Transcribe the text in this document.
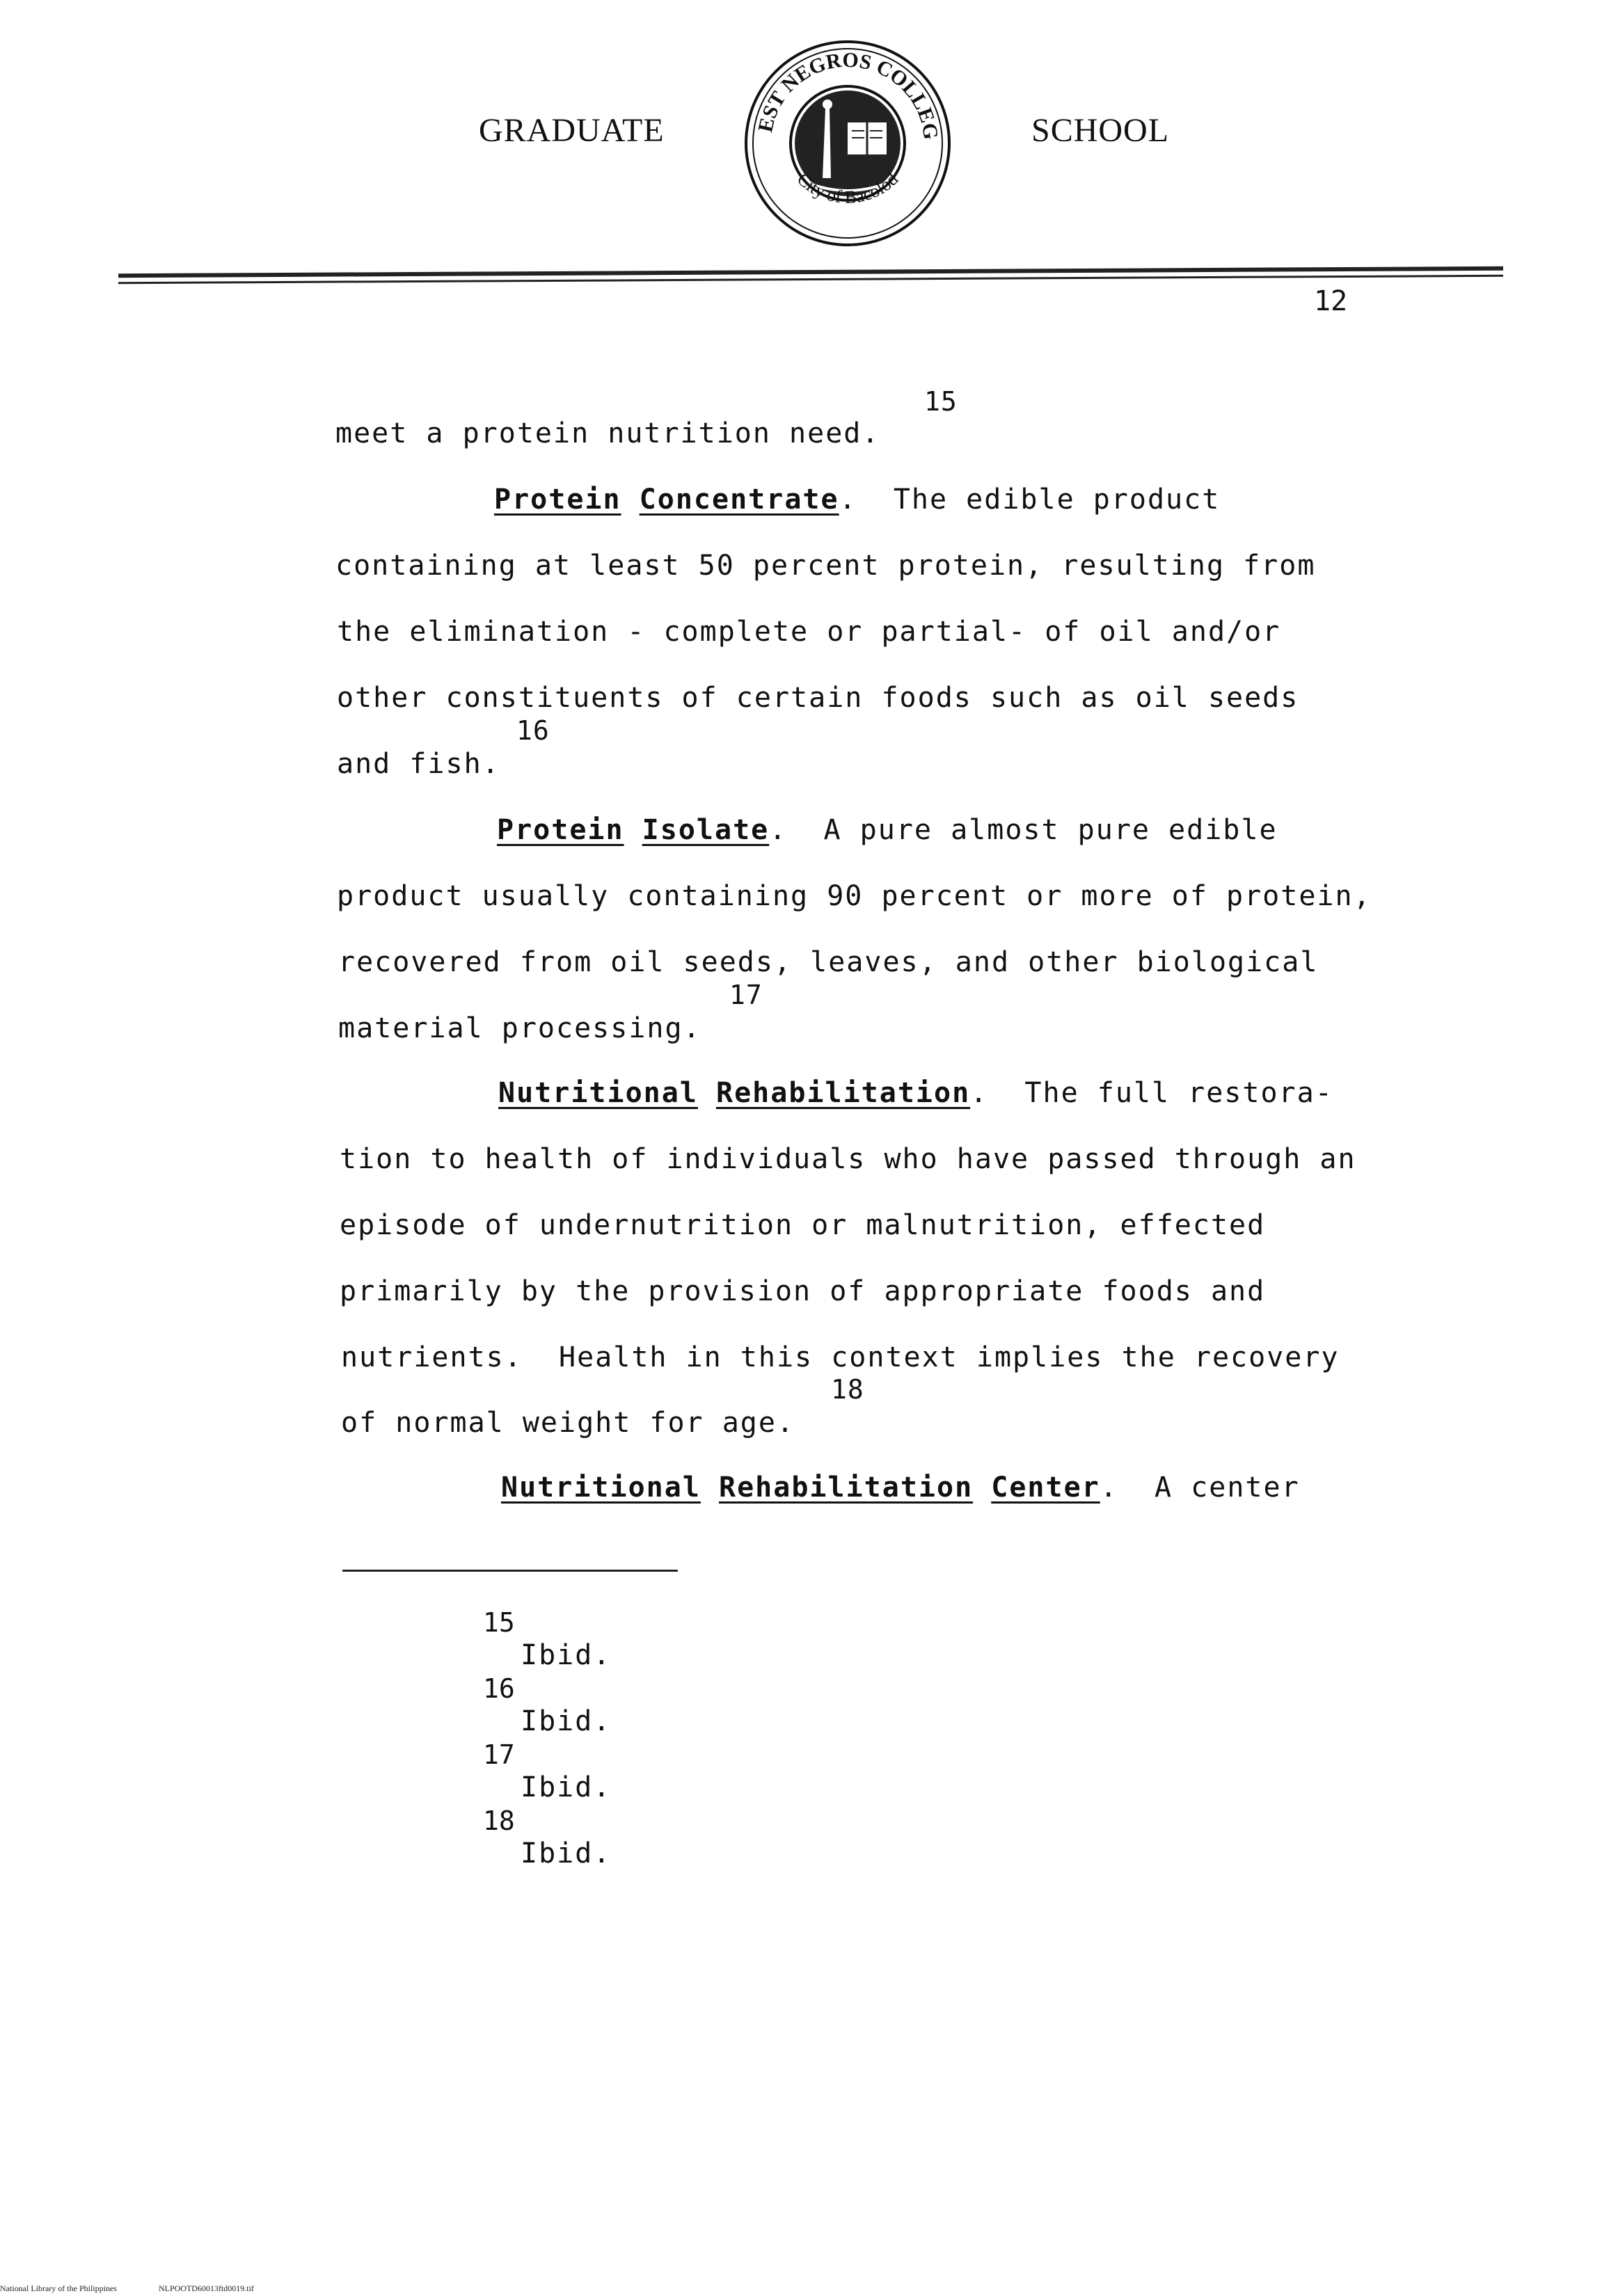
GRADUATE	EST NEGROS COLLEG
City of Bacolod
SCHOOL
12
15
meet a protein nutrition need.
Protein Concentrate.  The edible product
containing at least 50 percent protein, resulting from
the elimination - complete or partial- of oil and/or
other constituents of certain foods such as oil seeds
16
and fish.
Protein Isolate.  A pure almost pure edible
product usually containing 90 percent or more of protein,
recovered from oil seeds, leaves, and other biological
17
material processing.
Nutritional Rehabilitation.  The full restora-
tion to health of individuals who have passed through an
episode of undernutrition or malnutrition, effected
primarily by the provision of appropriate foods and
nutrients.  Health in this context implies the recovery
18
of normal weight for age.
Nutritional Rehabilitation Center.  A center
15
Ibid.
16
Ibid.
17
Ibid.
18
Ibid.
National Library of the Philippines	NLPOOTD60013ftd0019.tif
